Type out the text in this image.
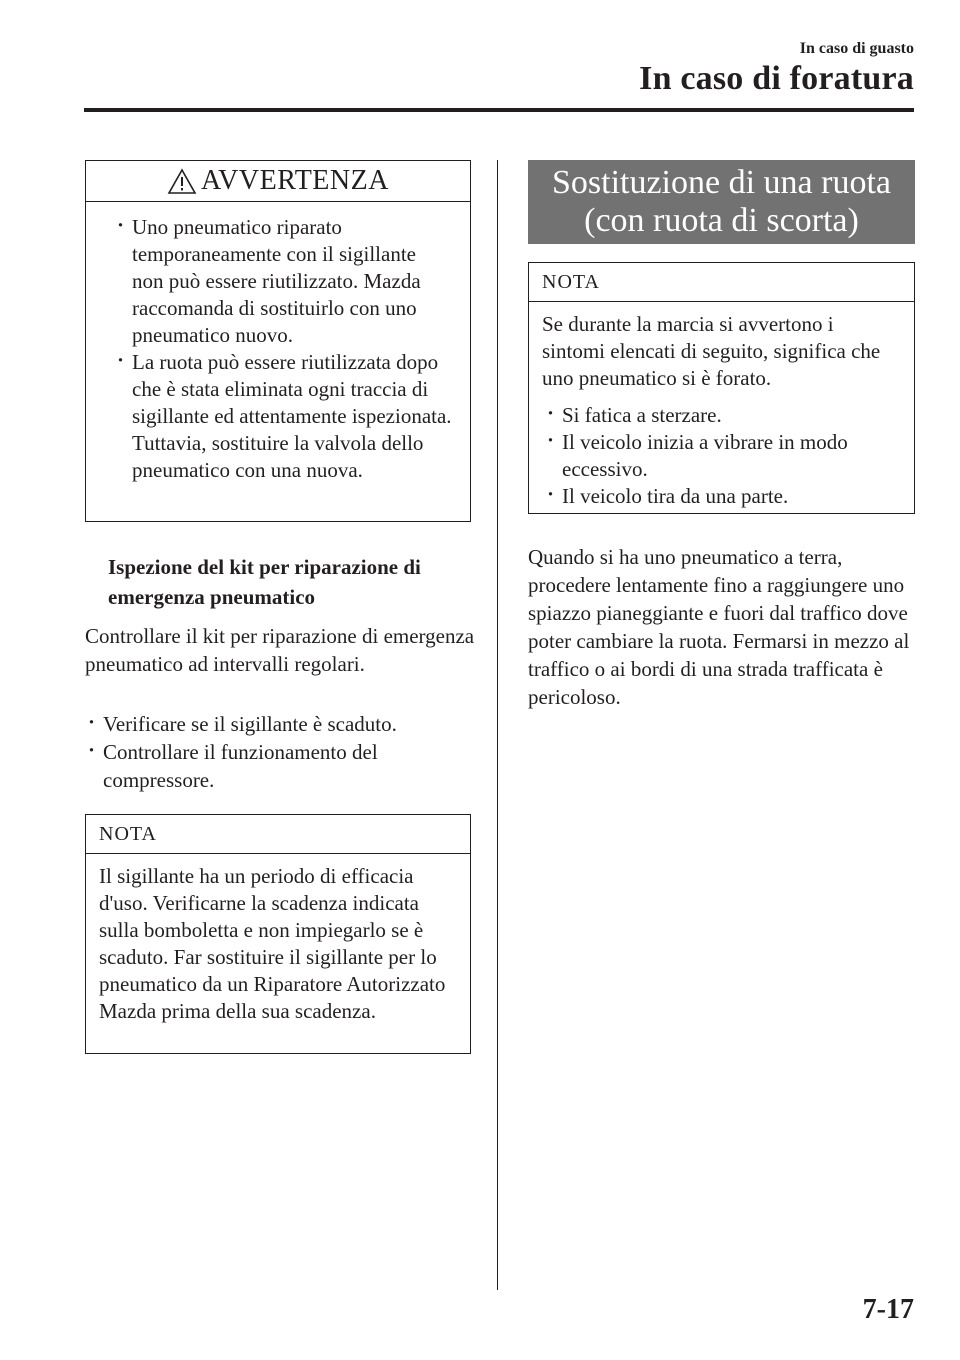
In caso di guasto
In caso di foratura
AVVERTENZA
· Uno pneumatico riparato temporaneamente con il sigillante non può essere riutilizzato. Mazda raccomanda di sostituirlo con uno pneumatico nuovo.
· La ruota può essere riutilizzata dopo che è stata eliminata ogni traccia di sigillante ed attentamente ispezionata. Tuttavia, sostituire la valvola dello pneumatico con una nuova.
Ispezione del kit per riparazione di emergenza pneumatico
Controllare il kit per riparazione di emergenza pneumatico ad intervalli regolari.
· Verificare se il sigillante è scaduto.
· Controllare il funzionamento del compressore.
NOTA
Il sigillante ha un periodo di efficacia d'uso. Verificarne la scadenza indicata sulla bomboletta e non impiegarlo se è scaduto. Far sostituire il sigillante per lo pneumatico da un Riparatore Autorizzato Mazda prima della sua scadenza.
Sostituzione di una ruota
(con ruota di scorta)
NOTA

Se durante la marcia si avvertono i sintomi elencati di seguito, significa che uno pneumatico si è forato.

· Si fatica a sterzare.
· Il veicolo inizia a vibrare in modo eccessivo.
· Il veicolo tira da una parte.
Quando si ha uno pneumatico a terra, procedere lentamente fino a raggiungere uno spiazzo pianeggiante e fuori dal traffico dove poter cambiare la ruota. Fermarsi in mezzo al traffico o ai bordi di una strada trafficata è pericoloso.
7-17
